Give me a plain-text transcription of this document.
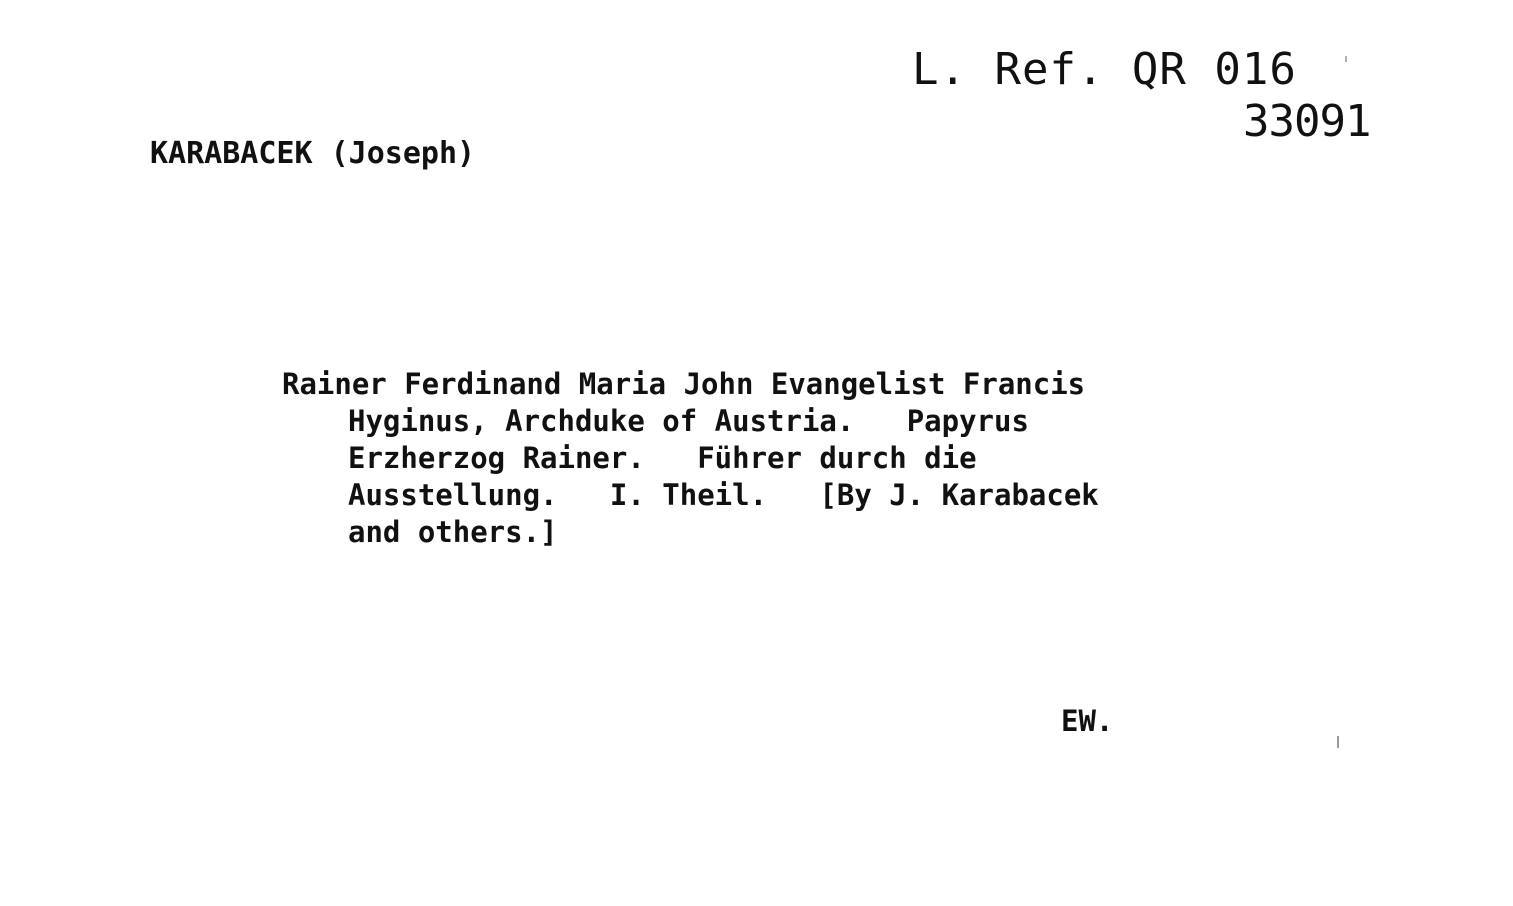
L. Ref. QR 016
33091
KARABACEK (Joseph)
Rainer Ferdinand Maria John Evangelist Francis
Hyginus, Archduke of Austria.   Papyrus
Erzherzog Rainer.   Führer durch die
Ausstellung.   I. Theil.   [By J. Karabacek
and others.]
EW.
